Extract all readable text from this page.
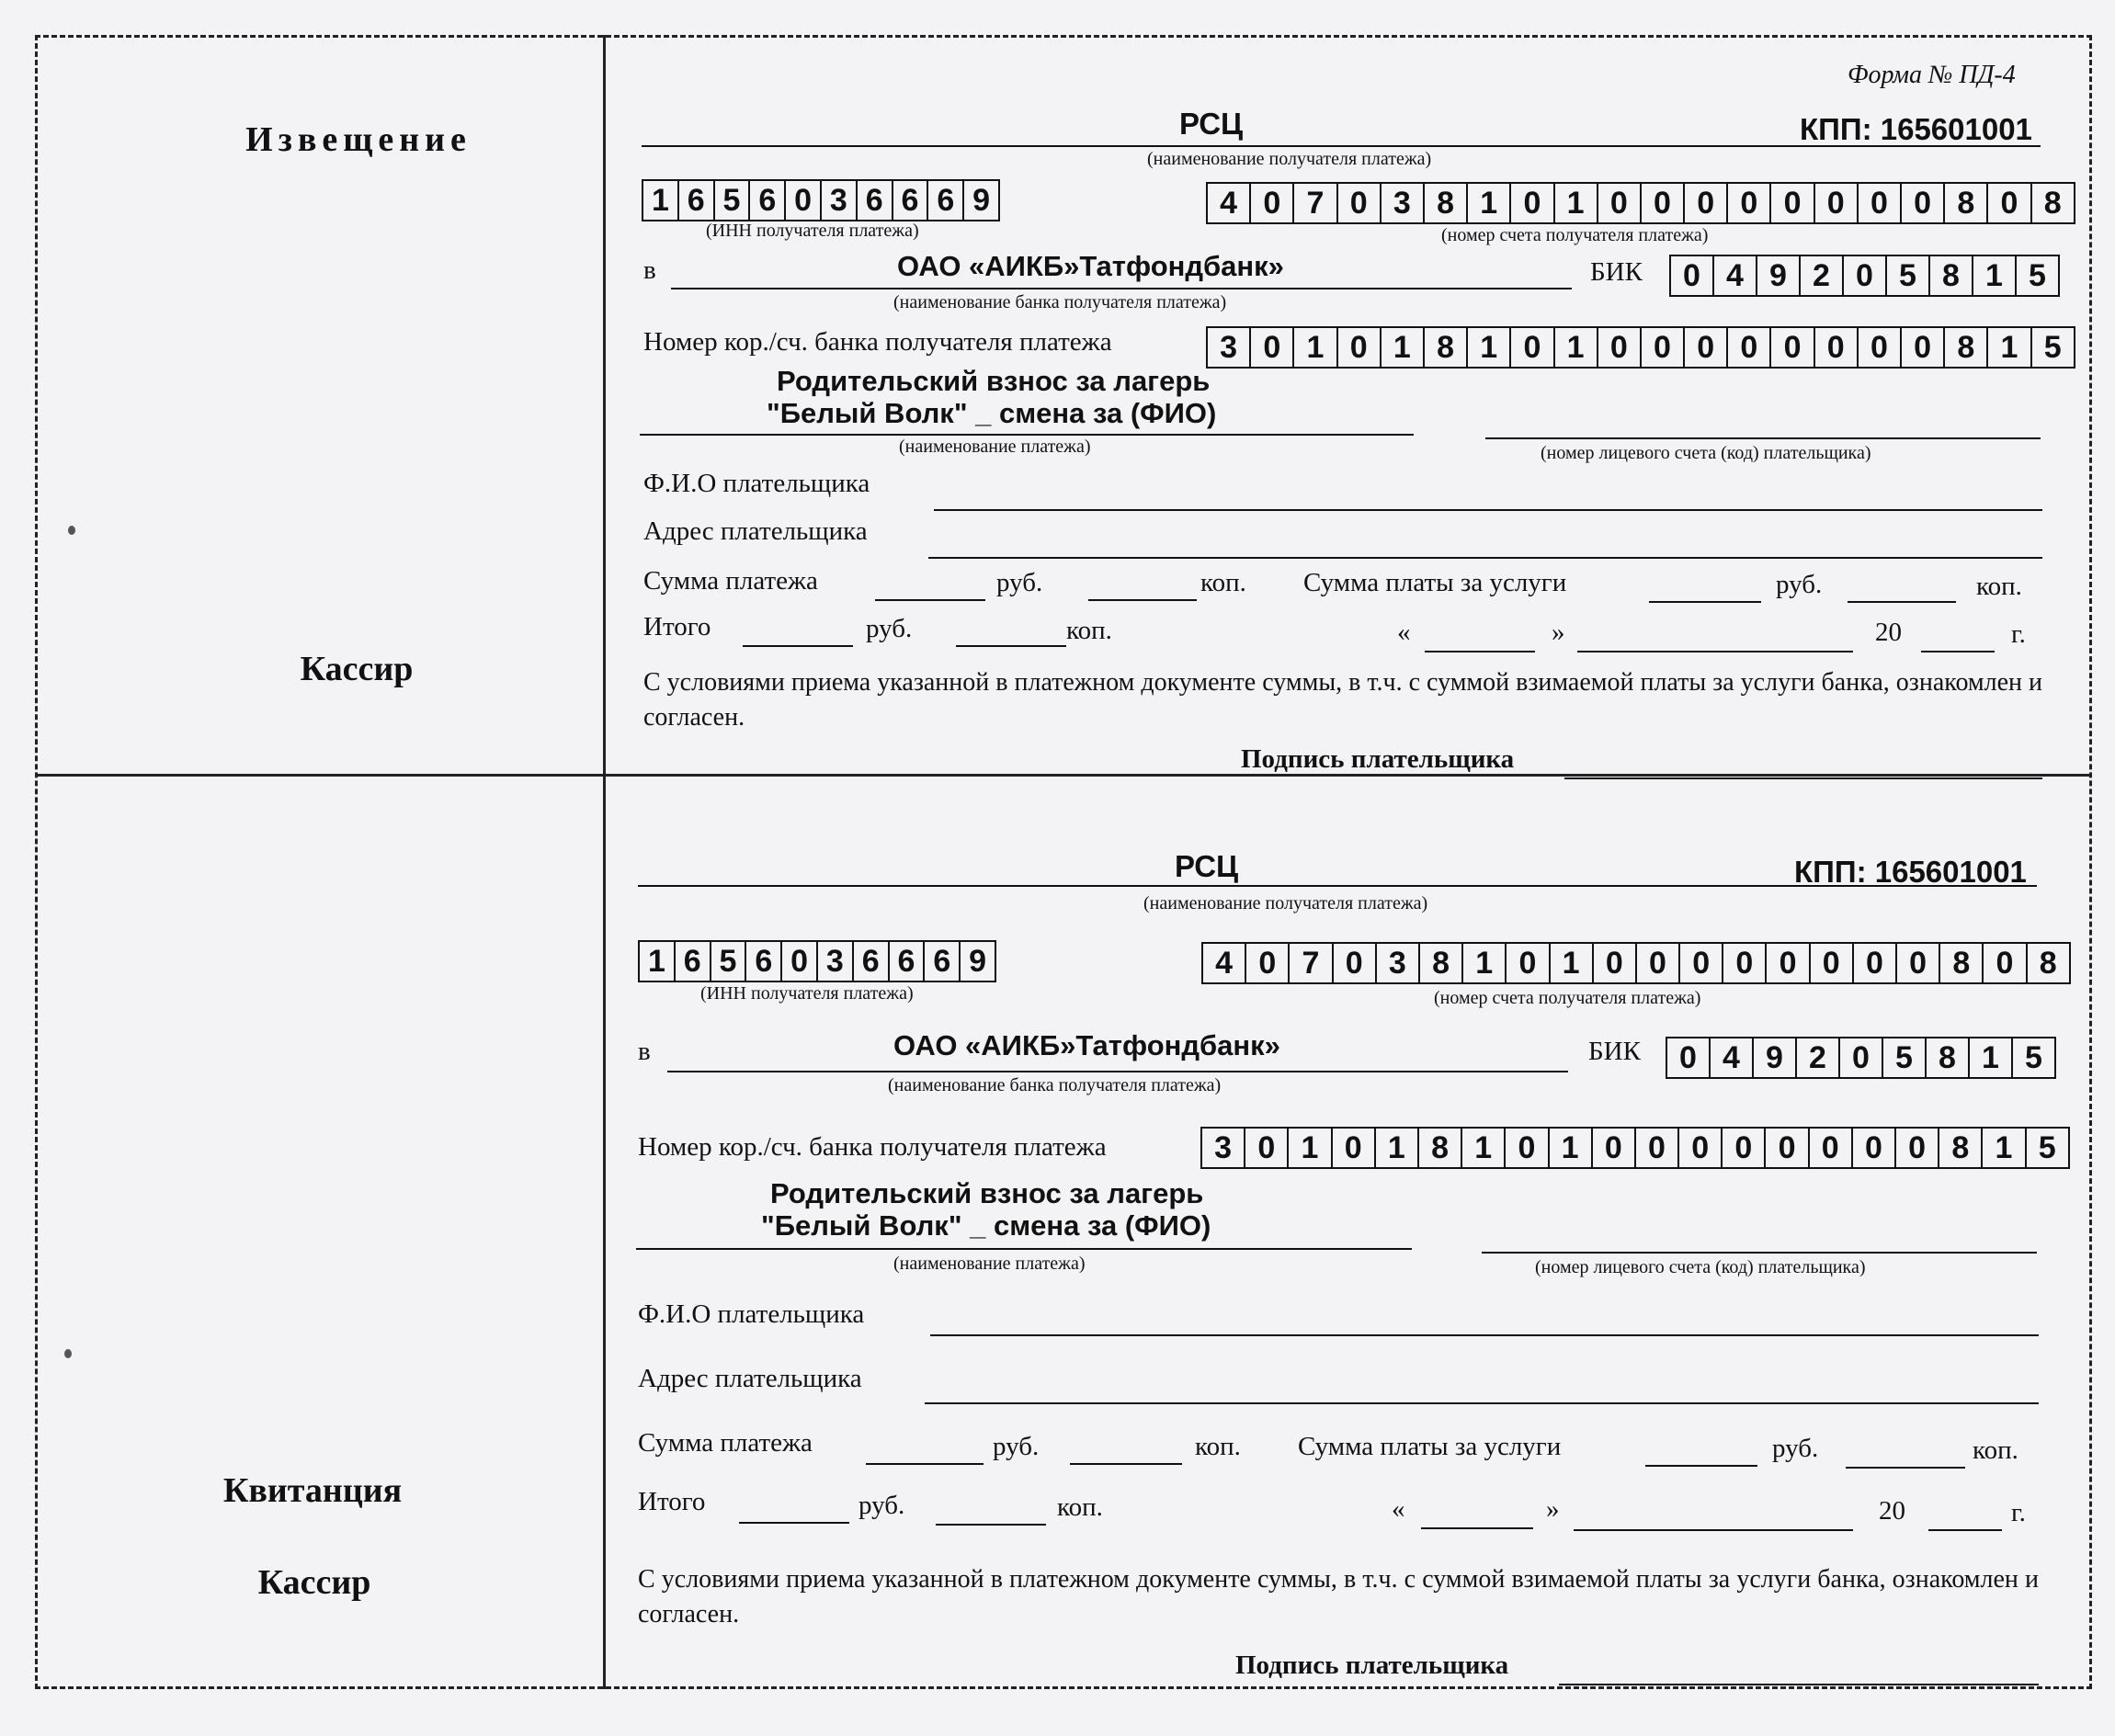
Форма № ПД-4
Извещение
Кассир
Квитанция
Кассир
РСЦ	КПП: 165601001
(наименование получателя платежа)
1 6 5 6 0 3 6 6 6 9
(ИНН получателя платежа)
4 0 7 0 3 8 1 0 1 0 0 0 0 0 0 0 0 8 0 8
(номер счета получателя платежа)
в	ОАО «АИКБ»Татфондбанк»
(наименование банка получателя платежа)
БИК	0 4 9 2 0 5 8 1 5
Номер кор./сч. банка получателя платежа	3 0 1 0 1 8 1 0 1 0 0 0 0 0 0 0 0 8 1 5
Родительский взнос за лагерь
"Белый Волк" _ смена за (ФИО)
(наименование платежа)	(номер лицевого счета (код) плательщика)
Ф.И.О плательщика
Адрес плательщика
Сумма платежа	руб.	коп. Сумма платы за услуги	руб.	коп.
Итого	руб.	коп.	«	»	20	г.
С условиями приема указанной в платежном документе суммы, в т.ч. с суммой взимаемой платы за услуги банка, ознакомлен и согласен.
Подпись плательщика
РСЦ	КПП: 165601001
(наименование получателя платежа)
1 6 5 6 0 3 6 6 6 9
(ИНН получателя платежа)
4 0 7 0 3 8 1 0 1 0 0 0 0 0 0 0 0 8 0 8
(номер счета получателя платежа)
в	ОАО «АИКБ»Татфондбанк»
(наименование банка получателя платежа)
БИК	0 4 9 2 0 5 8 1 5
Номер кор./сч. банка получателя платежа	3 0 1 0 1 8 1 0 1 0 0 0 0 0 0 0 0 8 1 5
Родительский взнос за лагерь
"Белый Волк" _ смена за (ФИО)
(наименование платежа)	(номер лицевого счета (код) плательщика)
Ф.И.О плательщика
Адрес плательщика
Сумма платежа	руб.	коп. Сумма платы за услуги	руб.	коп.
Итого	руб.	коп.	«	»	20	г.
С условиями приема указанной в платежном документе суммы, в т.ч. с суммой взимаемой платы за услуги банка, ознакомлен и согласен.
Подпись плательщика
